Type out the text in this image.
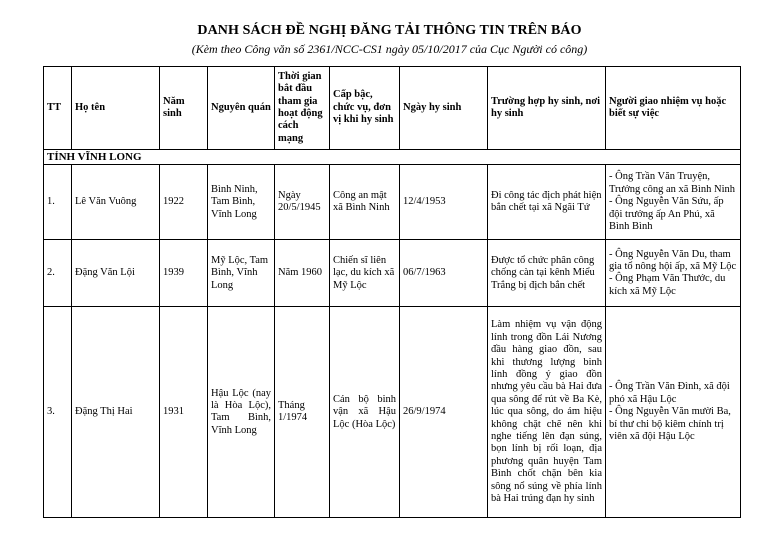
DANH SÁCH ĐỀ NGHỊ ĐĂNG TẢI THÔNG TIN TRÊN BÁO
(Kèm theo Công văn số 2361/NCC-CS1 ngày 05/10/2017 của Cục Người có công)
TT	Họ tên	Năm sinh	Nguyên quán	Thời gian bắt đầu tham gia hoạt động cách mạng	Cấp bậc, chức vụ, đơn vị khi hy sinh	Ngày hy sinh	Trường hợp hy sinh, nơi hy sinh	Người giao nhiệm vụ hoặc biết sự việc
TỈNH VĨNH LONG								
1.	Lê Văn Vuông	1922	Bình Ninh, Tam Bình, Vĩnh Long	Ngày 20/5/1945	Công an mật xã Bình Ninh	12/4/1953	Đi công tác địch phát hiện bắn chết tại xã Ngãi Tứ	- Ông Trần Văn Truyện, Trưởng công an xã Bình Ninh
- Ông Nguyễn Văn Sứu, ấp đội trưởng ấp An Phú, xã Bình Bình

2.	Đặng Văn Lội	1939	Mỹ Lộc, Tam Bình, Vĩnh Long	Năm 1960	Chiến sĩ liên lạc, du kích xã Mỹ Lộc	06/7/1963	Được tổ chức phân công chống càn tại kênh Miểu Trắng bị địch bắn chết	- Ông Nguyễn Văn Du, tham gia tổ nông hội ấp, xã Mỹ Lộc
- Ông Phạm Văn Thước, du kích xã Mỹ Lộc

3.	Đặng Thị Hai	1931	Hậu Lộc (nay là Hòa Lộc), Tam Bình, Vĩnh Long	Tháng 1/1974	Cán bộ binh vận xã Hậu Lộc (Hòa Lộc)	26/9/1974	Làm nhiệm vụ vận động lính trong đồn Lái Nương đầu hàng giao đồn, sau khi thương lượng binh lính đồng ý giao đồn nhưng yêu cầu bà Hai đưa qua sông để rút về Ba Kè, lúc qua sông, do ám hiệu không chặt chẽ nên khi nghe tiếng lên đạn súng, bọn lính bị rối loạn, địa phương quân huyện Tam Bình chốt chặn bên kia sông nổ súng về phía lính bà Hai trúng đạn hy sinh	- Ông Trần Văn Đình, xã đội phó xã Hậu Lộc
- Ông Nguyễn Văn mười Ba, bí thư chi bộ kiêm chính trị viên xã đội Hậu Lộc
